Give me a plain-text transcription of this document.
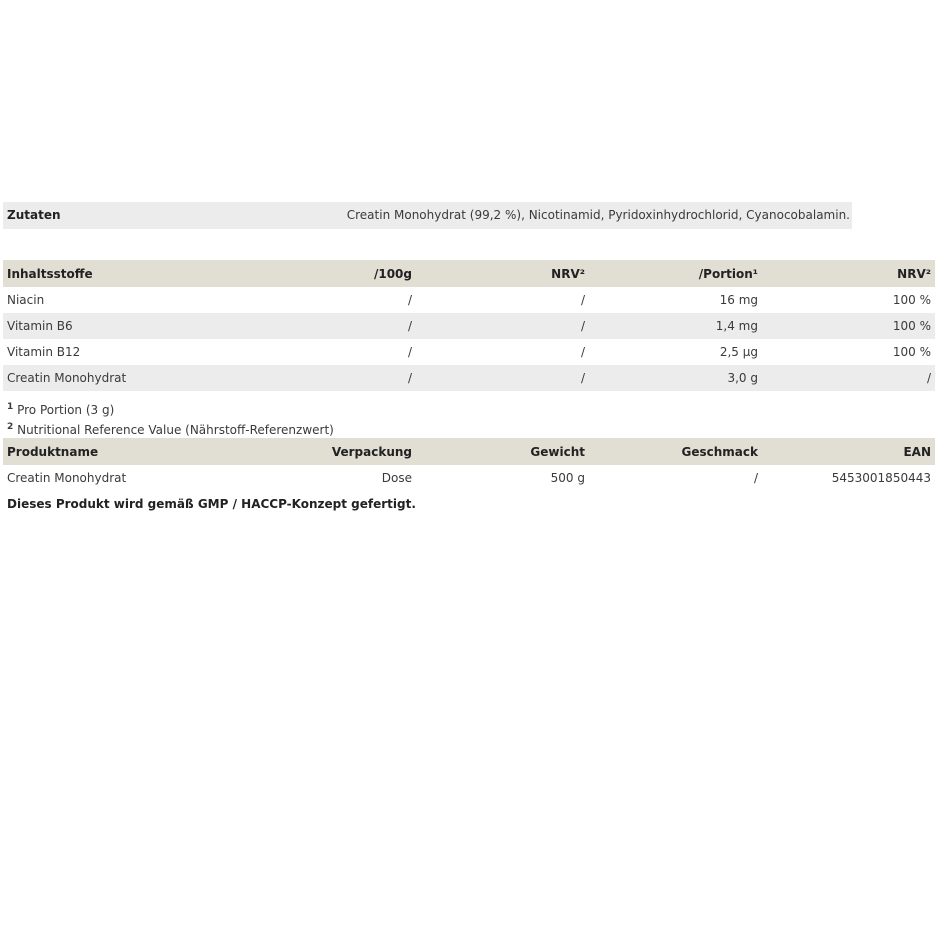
Zutaten	Creatin Monohydrat (99,2 %), Nicotinamid, Pyridoxinhydrochlorid, Cyanocobalamin.
Inhaltsstoffe	/100g	NRV²	/Portion¹	NRV²
Niacin	/	/	16 mg	100 %
Vitamin B6	/	/	1,4 mg	100 %
Vitamin B12	/	/	2,5 µg	100 %
Creatin Monohydrat	/	/	3,0 g	/
$^1$ Pro Portion (3 g)
$^2$ Nutritional Reference Value (Nährstoff-Referenzwert)
Produktname	Verpackung	Gewicht	Geschmack	EAN
Creatin Monohydrat	Dose	500 g	/	5453001850443
Dieses Produkt wird gemäß GMP / HACCP-Konzept gefertigt.
